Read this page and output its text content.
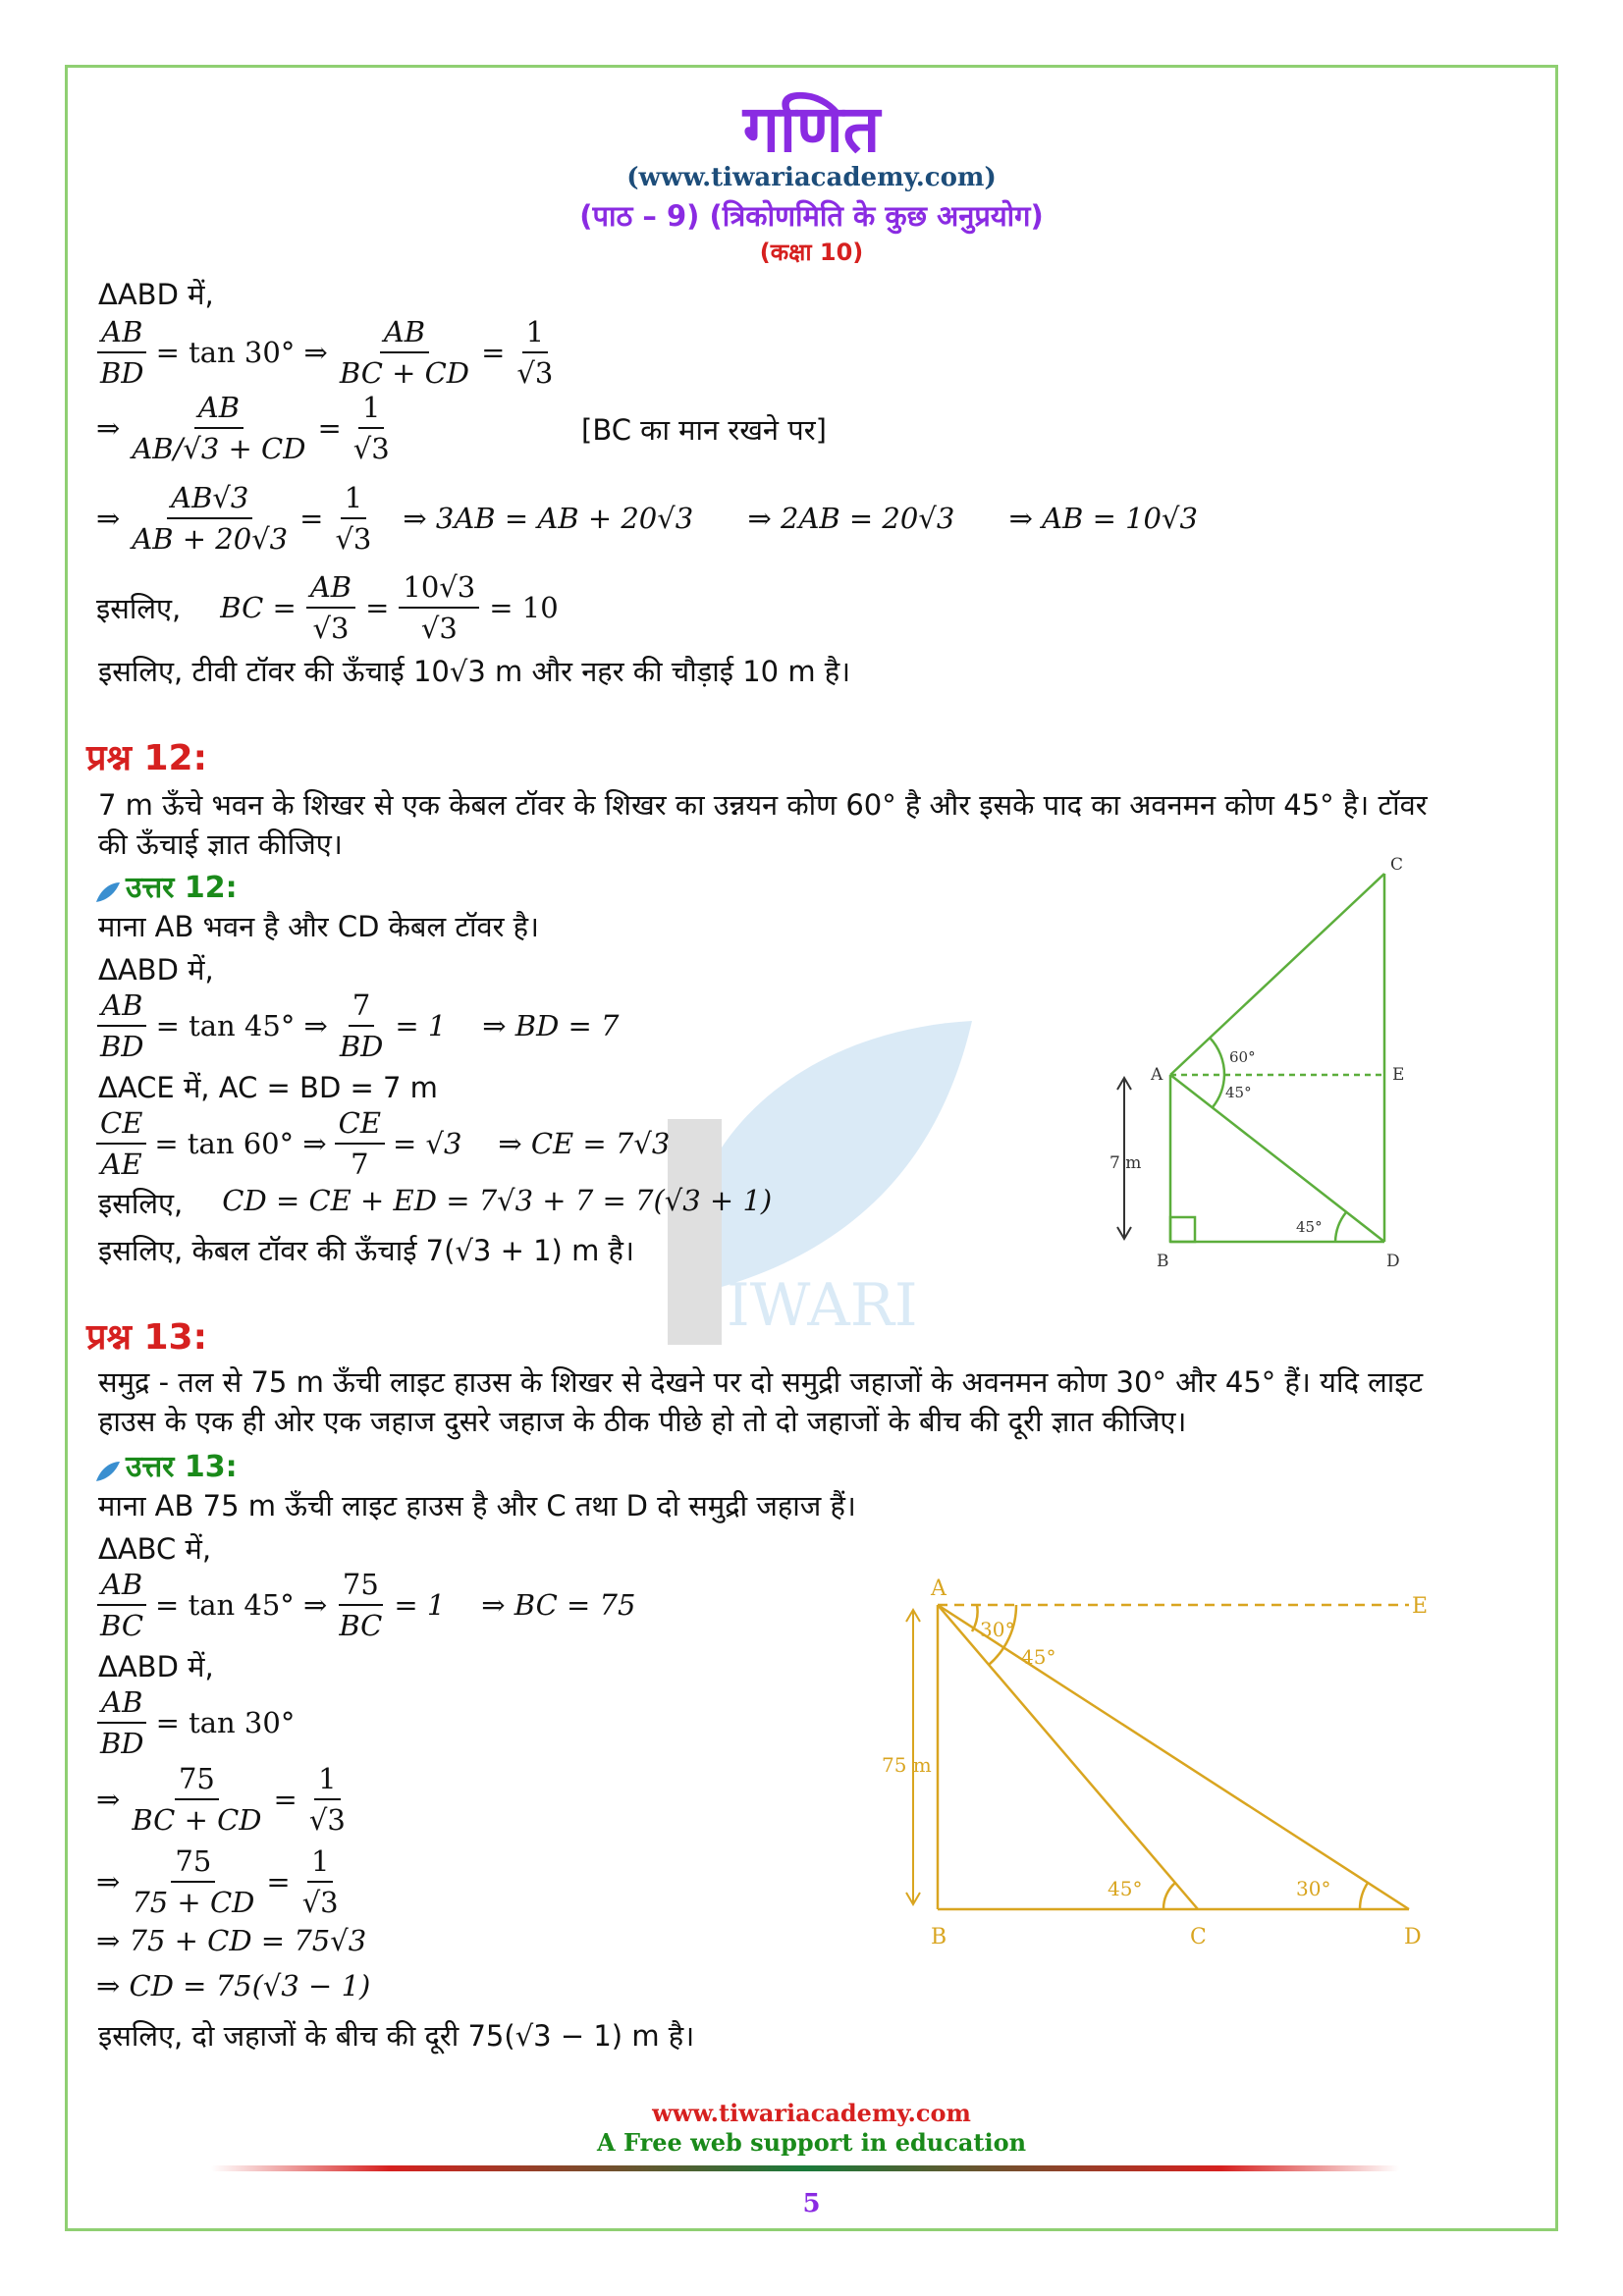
IWARI
गणित
(www.tiwariacademy.com)
(पाठ – 9) (त्रिकोणमिति के कुछ अनुप्रयोग)
(कक्षा 10)
ΔABD में,
$\frac{AB}{BD} = \tan 30^\circ$ ⇒ $\frac{AB}{BC + CD} = \frac{1}{√3}$
⇒ $\frac{AB}{AB/√3 + CD} = \frac{1}{√3}$	[BC का मान रखने पर]
⇒ $\frac{AB√3}{AB + 20√3} = \frac{1}{√3}$ ⇒ 3AB = AB + 20√3      ⇒ 2AB = 20√3      ⇒ AB = 10√3
इसलिए, BC = $\frac{AB}{√3} = \frac{10√3}{√3} = 10$
इसलिए, टीवी टॉवर की ऊँचाई 10√3 m और नहर की चौड़ाई 10 m है।
प्रश्न 12:
7 m ऊँचे भवन के शिखर से एक केबल टॉवर के शिखर का उन्नयन कोण 60° है और इसके पाद का अवनमन कोण 45° है। टॉवर
की ऊँचाई ज्ञात कीजिए।
उत्तर 12:
माना AB भवन है और CD केबल टॉवर है।
ΔABD में,
$\frac{AB}{BD} = \tan 45^\circ$ ⇒ $\frac{7}{BD} = 1$    ⇒ BD = 7
ΔACE में, AC = BD = 7 m
$\frac{CE}{AE} = \tan 60^\circ$ ⇒ $\frac{CE}{7} = √3$    ⇒ CE = 7√3
इसलिए, CD = CE + ED = 7√3 + 7 = 7(√3 + 1)
इसलिए, केबल टॉवर की ऊँचाई 7(√3 + 1) m है।
C
A	E
B	D
7 m
60°
45°
45°
प्रश्न 13:
समुद्र - तल से 75 m ऊँची लाइट हाउस के शिखर से देखने पर दो समुद्री जहाजों के अवनमन कोण 30° और 45° हैं। यदि लाइट
हाउस के एक ही ओर एक जहाज दुसरे जहाज के ठीक पीछे हो तो दो जहाजों के बीच की दूरी ज्ञात कीजिए।
उत्तर 13:
माना AB 75 m ऊँची लाइट हाउस है और C तथा D दो समुद्री जहाज हैं।
ΔABC में,
$\frac{AB}{BC} = \tan 45^\circ$ ⇒ $\frac{75}{BC} = 1$    ⇒ BC = 75
ΔABD में,
$\frac{AB}{BD} = \tan 30^\circ$
⇒ $\frac{75}{BC + CD} = \frac{1}{√3}$
⇒ $\frac{75}{75 + CD} = \frac{1}{√3}$
⇒ 75 + CD = 75√3
⇒ CD = 75(√3 − 1)
इसलिए, दो जहाजों के बीच की दूरी 75(√3 − 1) m है।
A
E
30°
45°
75 m
45°	30°
B	C	D
www.tiwariacademy.com
A Free web support in education
5
